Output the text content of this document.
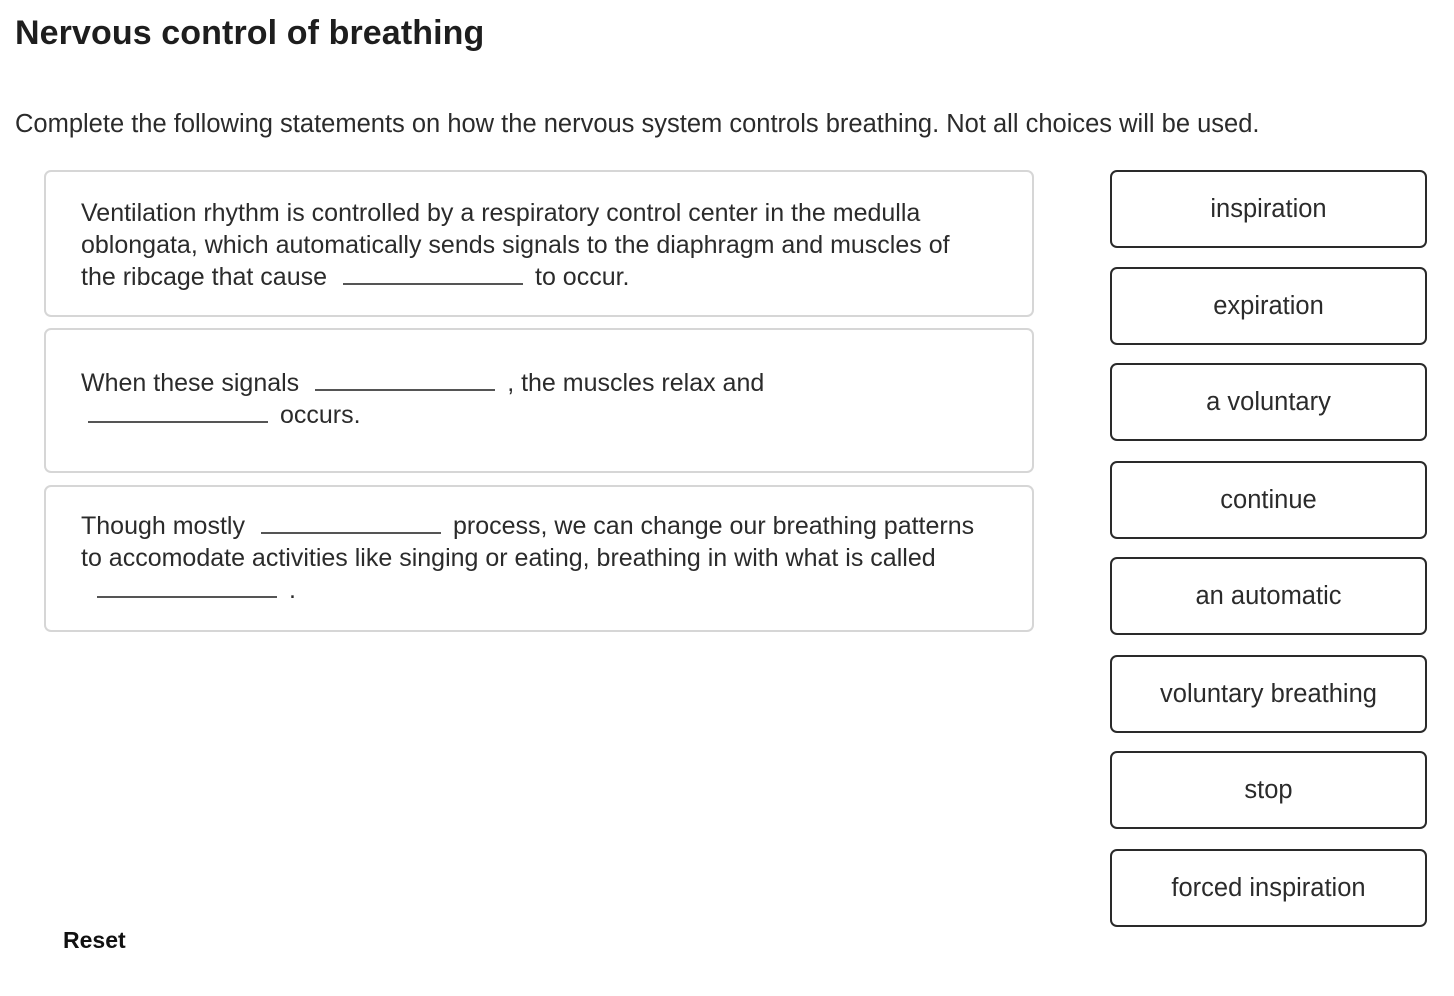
Nervous control of breathing
Complete the following statements on how the nervous system controls breathing. Not all choices will be used.
Ventilation rhythm is controlled by a respiratory control center in the medulla oblongata, which automatically sends signals to the diaphragm and muscles of the ribcage that cause	to occur.
When these signals	, the muscles relax and
occurs.
Though mostly	process, we can change our breathing patterns to accomodate activities like singing or eating, breathing in with what is called.
inspiration
expiration
a voluntary
continue
an automatic
voluntary breathing
stop
forced inspiration
Reset
